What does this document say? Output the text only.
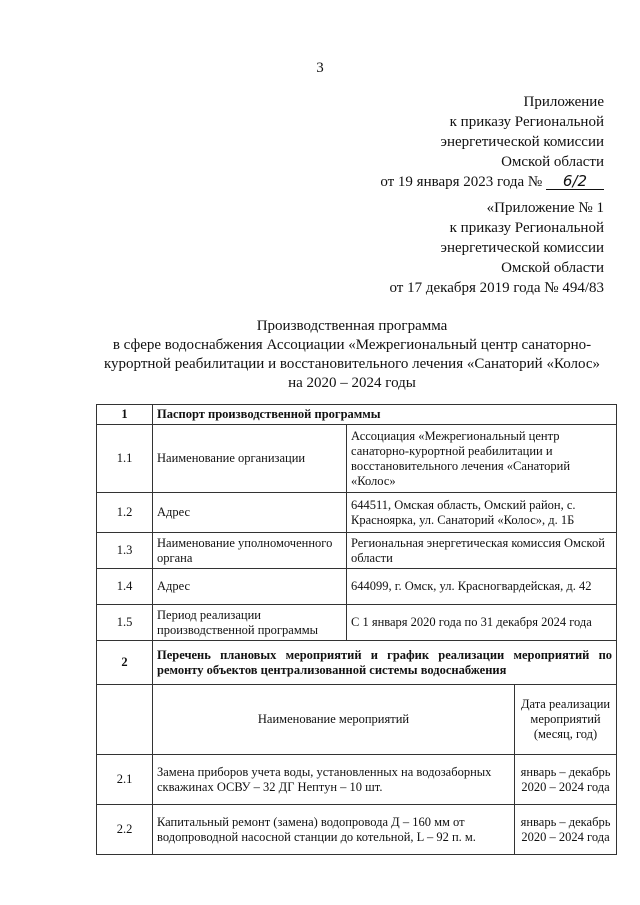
3
Приложение
к приказу Региональной
энергетической комиссии
Омской области
от 19 января 2023 года № 6/2
«Приложение № 1
к приказу Региональной
энергетической комиссии
Омской области
от 17 декабря 2019 года № 494/83
Производственная программа
в сфере водоснабжения Ассоциации «Межрегиональный центр санаторно-
курортной реабилитации и восстановительного лечения «Санаторий «Колос»
на 2020 – 2024 годы
1	Паспорт производственной программы		
1.1	Наименование организации	Ассоциация «Межрегиональный центр санаторно-курортной реабилитации и восстановительного лечения «Санаторий «Колос»	
1.2	Адрес	644511, Омская область, Омский район, с. Красноярка, ул. Санаторий «Колос», д. 1Б	
1.3	Наименование уполномоченного органа	Региональная энергетическая комиссия Омской области	
1.4	Адрес	644099, г. Омск, ул. Красногвардейская, д. 42	
1.5	Период реализации производственной программы	С 1 января 2020 года по 31 декабря 2024 года	
2	Перечень плановых мероприятий и график реализации мероприятий по ремонту объектов централизованной системы водоснабжения		
	Наименование мероприятий		Дата реализации мероприятий (месяц, год)
2.1	Замена приборов учета воды, установленных на водозаборных скважинах ОСВУ – 32 ДГ Нептун – 10 шт.		январь – декабрь 2020 – 2024 года
2.2	Капитальный ремонт (замена) водопровода Д – 160 мм от водопроводной насосной станции до котельной, L – 92 п. м.		январь – декабрь 2020 – 2024 года
